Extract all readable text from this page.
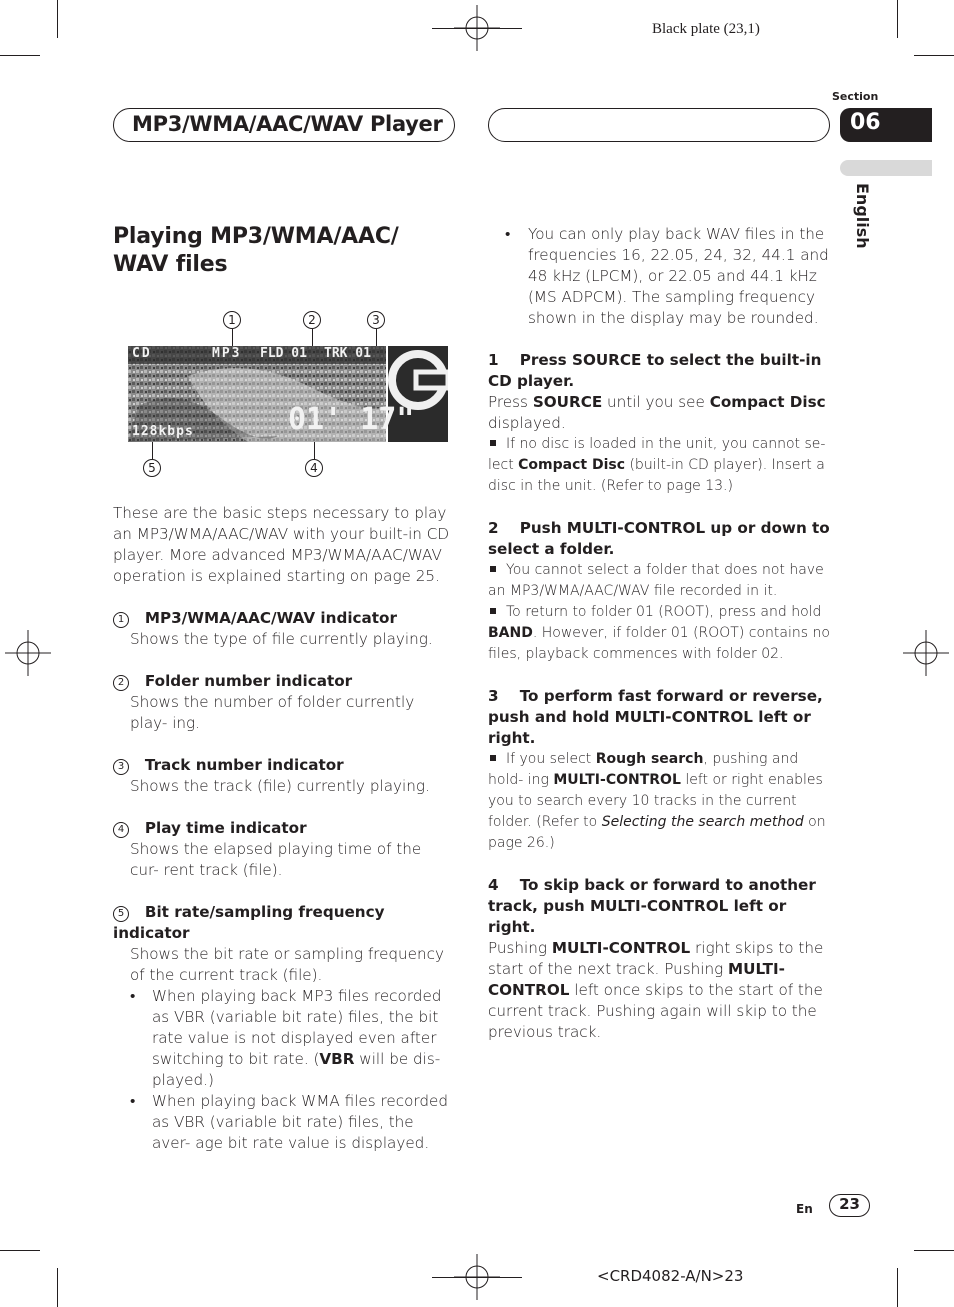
Black plate (23,1)
Section
MP3/WMA/AAC/WAV Player	06
English
Playing MP3/WMA/AAC/ WAV files
1	2	3
CD	MP3 FLD 01 TRK 01
128kbps	01' 17"
5	4

These are the basic steps necessary to play an MP3/WMA/AAC/WAV with your built-in CD player. More advanced MP3/WMA/AAC/WAV operation is explained starting on page 25.

1 MP3/WMA/AAC/WAV indicator

Shows the type of file currently playing.

2 Folder number indicator

Shows the number of folder currently play- ing.

3 Track number indicator

Shows the track (file) currently playing.

4 Play time indicator

Shows the elapsed playing time of the cur- rent track (file).

5 Bit rate/sampling frequency indicator

Shows the bit rate or sampling frequency of the current track (file).

• When playing back MP3 files recorded as VBR (variable bit rate) files, the bit rate value is not displayed even after switching to bit rate. (VBR will be dis- played.)
• When playing back WMA files recorded as VBR (variable bit rate) files, the aver- age bit rate value is displayed.
• You can only play back WAV files in the frequencies 16, 22.05, 24, 32, 44.1 and 48 kHz (LPCM), or 22.05 and 44.1 kHz (MS ADPCM). The sampling frequency shown in the display may be rounded.

1    Press SOURCE to select the built-in CD player.

Press SOURCE until you see Compact Disc displayed.

If no disc is loaded in the unit, you cannot se- lect Compact Disc (built-in CD player). Insert a disc in the unit. (Refer to page 13.)

2    Push MULTI-CONTROL up or down to select a folder.

You cannot select a folder that does not have an MP3/WMA/AAC/WAV file recorded in it.

To return to folder 01 (ROOT), press and hold BAND. However, if folder 01 (ROOT) contains no files, playback commences with folder 02.

3    To perform fast forward or reverse, push and hold MULTI-CONTROL left or right.

If you select Rough search, pushing and hold- ing MULTI-CONTROL left or right enables you to search every 10 tracks in the current folder. (Refer to Selecting the search method on page 26.)

4    To skip back or forward to another track, push MULTI-CONTROL left or right.

Pushing MULTI-CONTROL right skips to the start of the next track. Pushing MULTI-CONTROL left once skips to the start of the current track. Pushing again will skip to the previous track.

En	23
<CRD4082-A/N>23
